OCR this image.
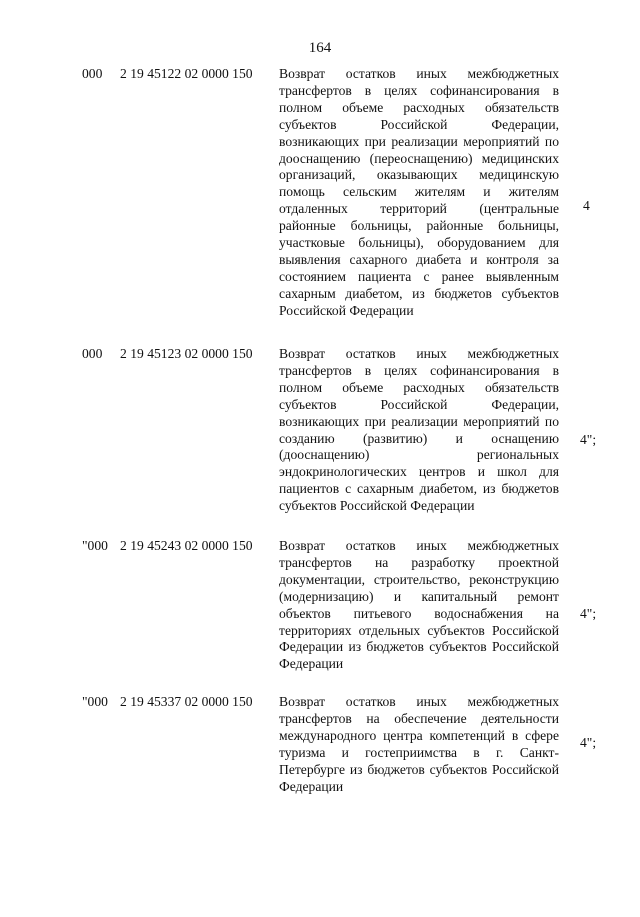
164
000 2 19 45122 02 0000 150 Возврат остатков иных межбюджетных трансфертов в целях софинансирования в полном объеме расходных обязательств субъектов Российской Федерации, возникающих при реализации мероприятий по дооснащению (переоснащению) медицинских организаций, оказывающих медицинскую помощь сельским жителям и жителям отдаленных территорий (центральные районные больницы, районные больницы, участковые больницы), оборудованием для выявления сахарного диабета и контроля за состоянием пациента с ранее выявленным сахарным диабетом, из бюджетов субъектов Российской Федерации
4
000 2 19 45123 02 0000 150 Возврат остатков иных межбюджетных трансфертов в целях софинансирования в полном объеме расходных обязательств субъектов Российской Федерации, возникающих при реализации мероприятий по созданию (развитию) и оснащению (дооснащению) региональных эндокринологических центров и школ для пациентов с сахарным диабетом, из бюджетов субъектов Российской Федерации
4";
"000 2 19 45243 02 0000 150 Возврат остатков иных межбюджетных трансфертов на разработку проектной документации, строительство, реконструкцию (модернизацию) и капитальный ремонт объектов питьевого водоснабжения на территориях отдельных субъектов Российской Федерации из бюджетов субъектов Российской Федерации
4";
"000 2 19 45337 02 0000 150 Возврат остатков иных межбюджетных трансфертов на обеспечение деятельности международного центра компетенций в сфере туризма и гостеприимства в г. Санкт-Петербурге из бюджетов субъектов Российской Федерации
4";
